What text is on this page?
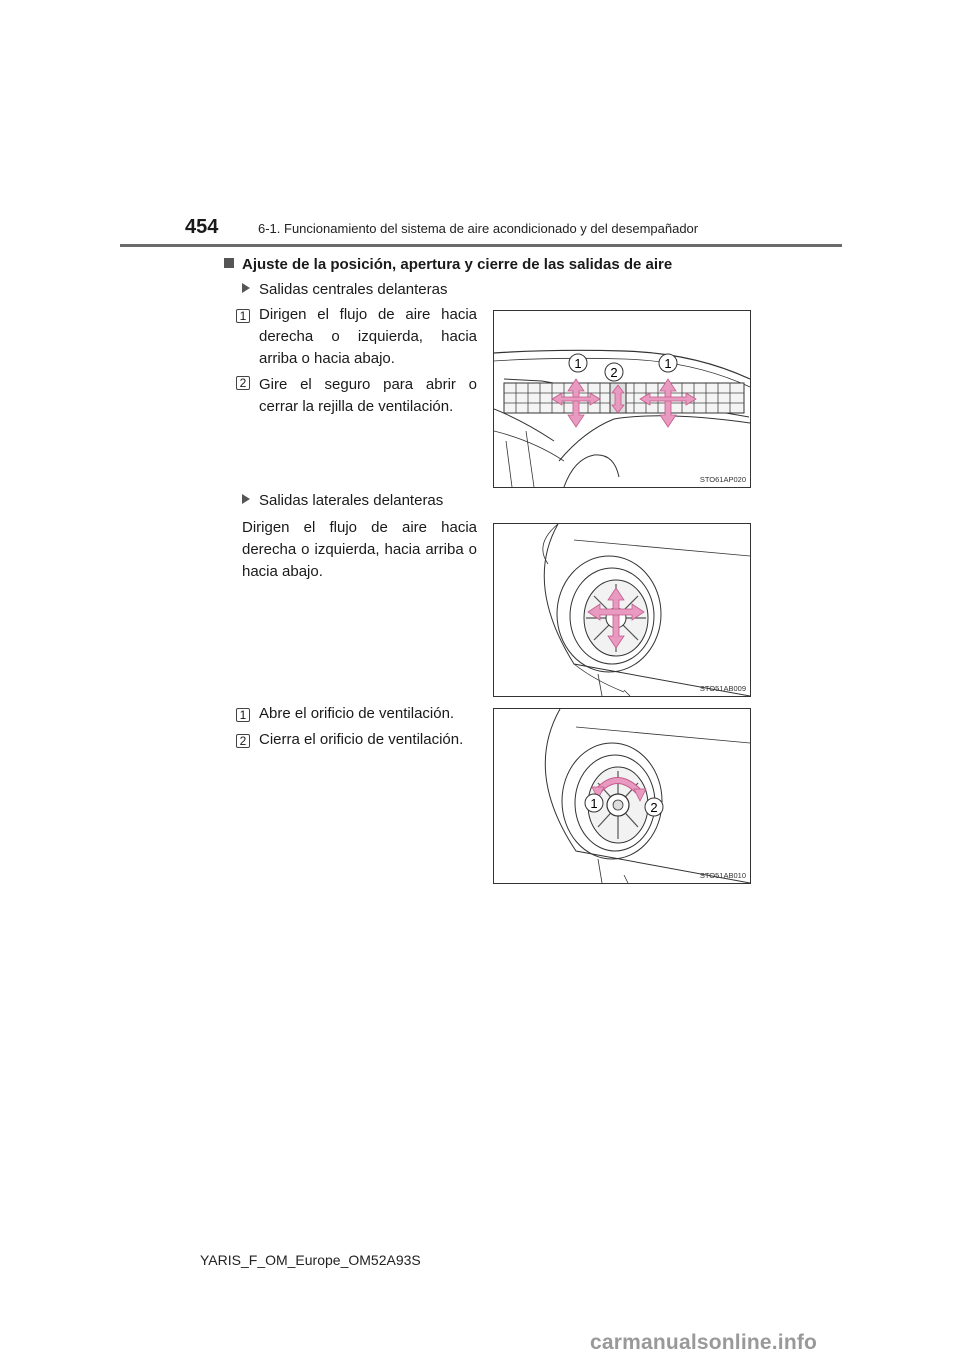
454	6-1. Funcionamiento del sistema de aire acondicionado y del desempañador
Ajuste de la posición, apertura y cierre de las salidas de aire
Salidas centrales delanteras
1 Dirigen el flujo de aire hacia derecha o izquierda, hacia arriba o hacia abajo.
2 Gire el seguro para abrir o cerrar la rejilla de ventilación.
1
2
1
STO61AP020
Salidas laterales delanteras
Dirigen el flujo de aire hacia derecha o izquierda, hacia arriba o hacia abajo.
STO51AB009
1 Abre el orificio de ventilación.
2 Cierra el orificio de ventilación.
1	2
STO51AB010
YARIS_F_OM_Europe_OM52A93S
carmanualsonline.info
